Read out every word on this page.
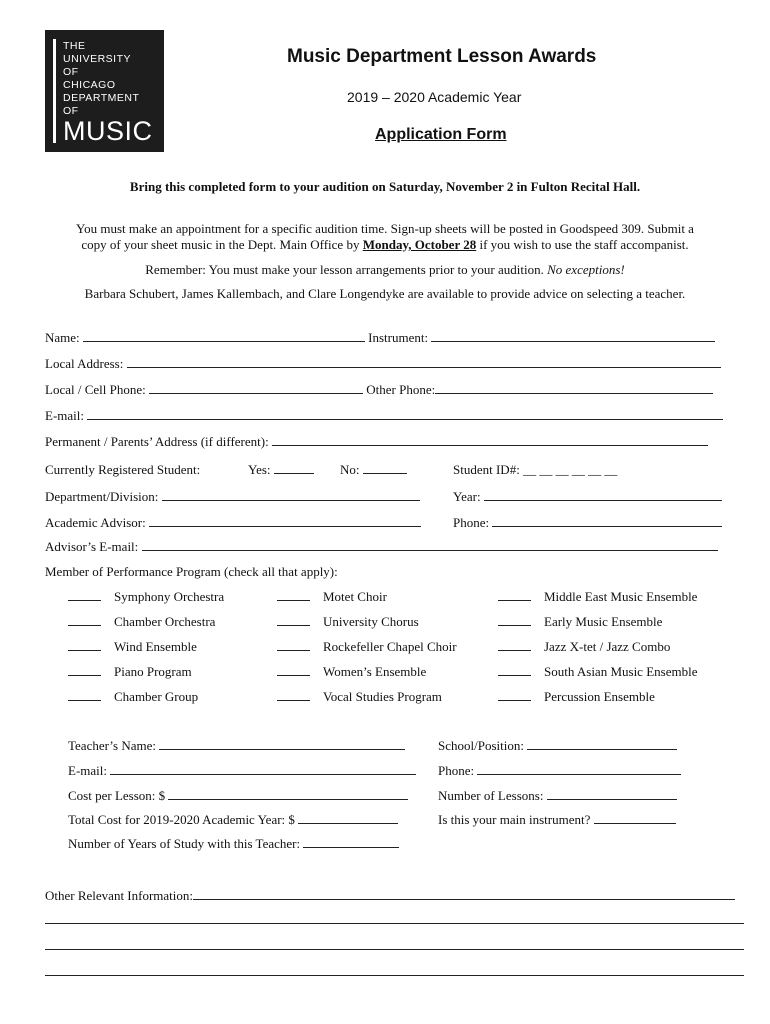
THE
UNIVERSITY
OF
CHICAGO
DEPARTMENT
OF
MUSIC
Music Department Lesson Awards
2019 – 2020 Academic Year
Application Form
Bring this completed form to your audition on Saturday, November 2 in Fulton Recital Hall.
You must make an appointment for a specific audition time. Sign-up sheets will be posted in Goodspeed 309. Submit a
copy of your sheet music in the Dept. Main Office by Monday, October 28 if you wish to use the staff accompanist.
Remember: You must make your lesson arrangements prior to your audition. No exceptions!
Barbara Schubert, James Kallembach, and Clare Longendyke are available to provide advice on selecting a teacher.
Name:	Instrument:
Local Address:
Local / Cell Phone:	Other Phone:
E-mail:
Permanent / Parents’ Address (if different):
Currently Registered Student:	Yes:	No:	Student ID#: __ __ __ __ __ __
Department/Division:	Year:
Academic Advisor:	Phone:
Advisor’s E-mail:
Member of Performance Program (check all that apply):
Symphony Orchestra
Chamber Orchestra
Wind Ensemble
Piano Program
Chamber Group
Motet Choir
University Chorus
Rockefeller Chapel Choir
Women’s Ensemble
Vocal Studies Program
Middle East Music Ensemble
Early Music Ensemble
Jazz X-tet / Jazz Combo
South Asian Music Ensemble
Percussion Ensemble
Teacher’s Name:	School/Position:
E-mail:	Phone:
Cost per Lesson: $	Number of Lessons:
Total Cost for 2019-2020 Academic Year: $	Is this your main instrument?
Number of Years of Study with this Teacher:
Other Relevant Information:
